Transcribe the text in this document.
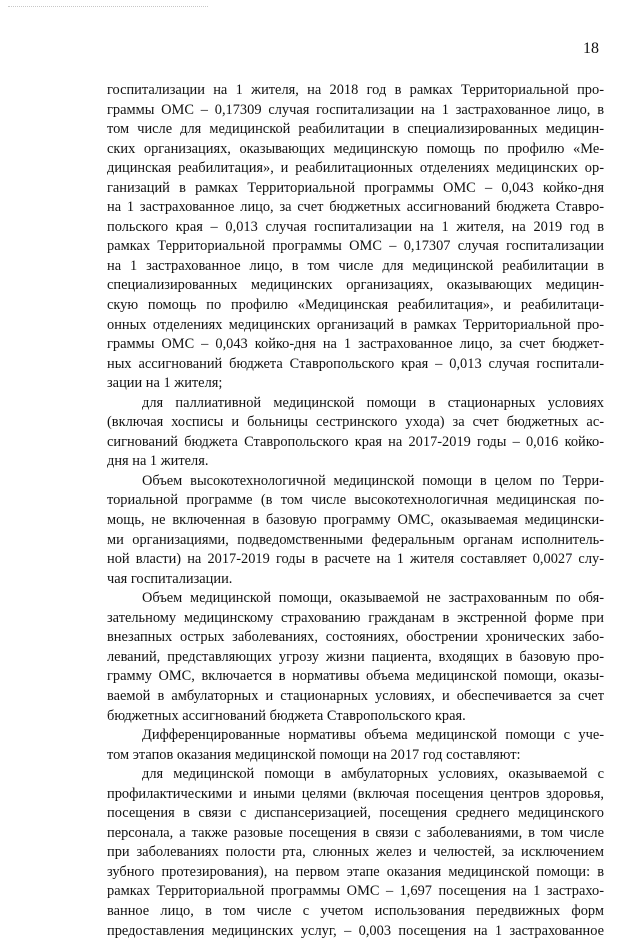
18
госпитализации на 1 жителя, на 2018 год в рамках Территориальной про-
граммы ОМС – 0,17309 случая госпитализации на 1 застрахованное лицо, в
том числе для медицинской реабилитации в специализированных медицин-
ских организациях, оказывающих медицинскую помощь по профилю «Ме-
дицинская реабилитация», и реабилитационных отделениях медицинских ор-
ганизаций в рамках Территориальной программы ОМС – 0,043 койко-дня
на 1 застрахованное лицо, за счет бюджетных ассигнований бюджета Ставро-
польского края – 0,013 случая госпитализации на 1 жителя, на 2019 год в
рамках Территориальной программы ОМС – 0,17307 случая госпитализации
на 1 застрахованное лицо, в том числе для медицинской реабилитации в
специализированных медицинских организациях, оказывающих медицин-
скую помощь по профилю «Медицинская реабилитация», и реабилитаци-
онных отделениях медицинских организаций в рамках Территориальной про-
граммы ОМС – 0,043 койко-дня на 1 застрахованное лицо, за счет бюджет-
ных ассигнований бюджета Ставропольского края – 0,013 случая госпитали-
зации на 1 жителя;
для паллиативной медицинской помощи в стационарных условиях
(включая хосписы и больницы сестринского ухода) за счет бюджетных ас-
сигнований бюджета Ставропольского края на 2017-2019 годы – 0,016 койко-
дня на 1 жителя.
Объем высокотехнологичной медицинской помощи в целом по Терри-
ториальной программе (в том числе высокотехнологичная медицинская по-
мощь, не включенная в базовую программу ОМС, оказываемая медицински-
ми организациями, подведомственными федеральным органам исполнитель-
ной власти) на 2017-2019 годы в расчете на 1 жителя составляет 0,0027 слу-
чая госпитализации.
Объем медицинской помощи, оказываемой не застрахованным по обя-
зательному медицинскому страхованию гражданам в экстренной форме при
внезапных острых заболеваниях, состояниях, обострении хронических забо-
леваний, представляющих угрозу жизни пациента, входящих в базовую про-
грамму ОМС, включается в нормативы объема медицинской помощи, оказы-
ваемой в амбулаторных и стационарных условиях, и обеспечивается за счет
бюджетных ассигнований бюджета Ставропольского края.
Дифференцированные нормативы объема медицинской помощи с уче-
том этапов оказания медицинской помощи на 2017 год составляют:
для медицинской помощи в амбулаторных условиях, оказываемой с
профилактическими и иными целями (включая посещения центров здоровья,
посещения в связи с диспансеризацией, посещения среднего медицинского
персонала, а также разовые посещения в связи с заболеваниями, в том числе
при заболеваниях полости рта, слюнных желез и челюстей, за исключением
зубного протезирования), на первом этапе оказания медицинской помощи: в
рамках Территориальной программы ОМС – 1,697 посещения на 1 застрахо-
ванное лицо, в том числе с учетом использования передвижных форм
предоставления медицинских услуг, – 0,003 посещения на 1 застрахованное
